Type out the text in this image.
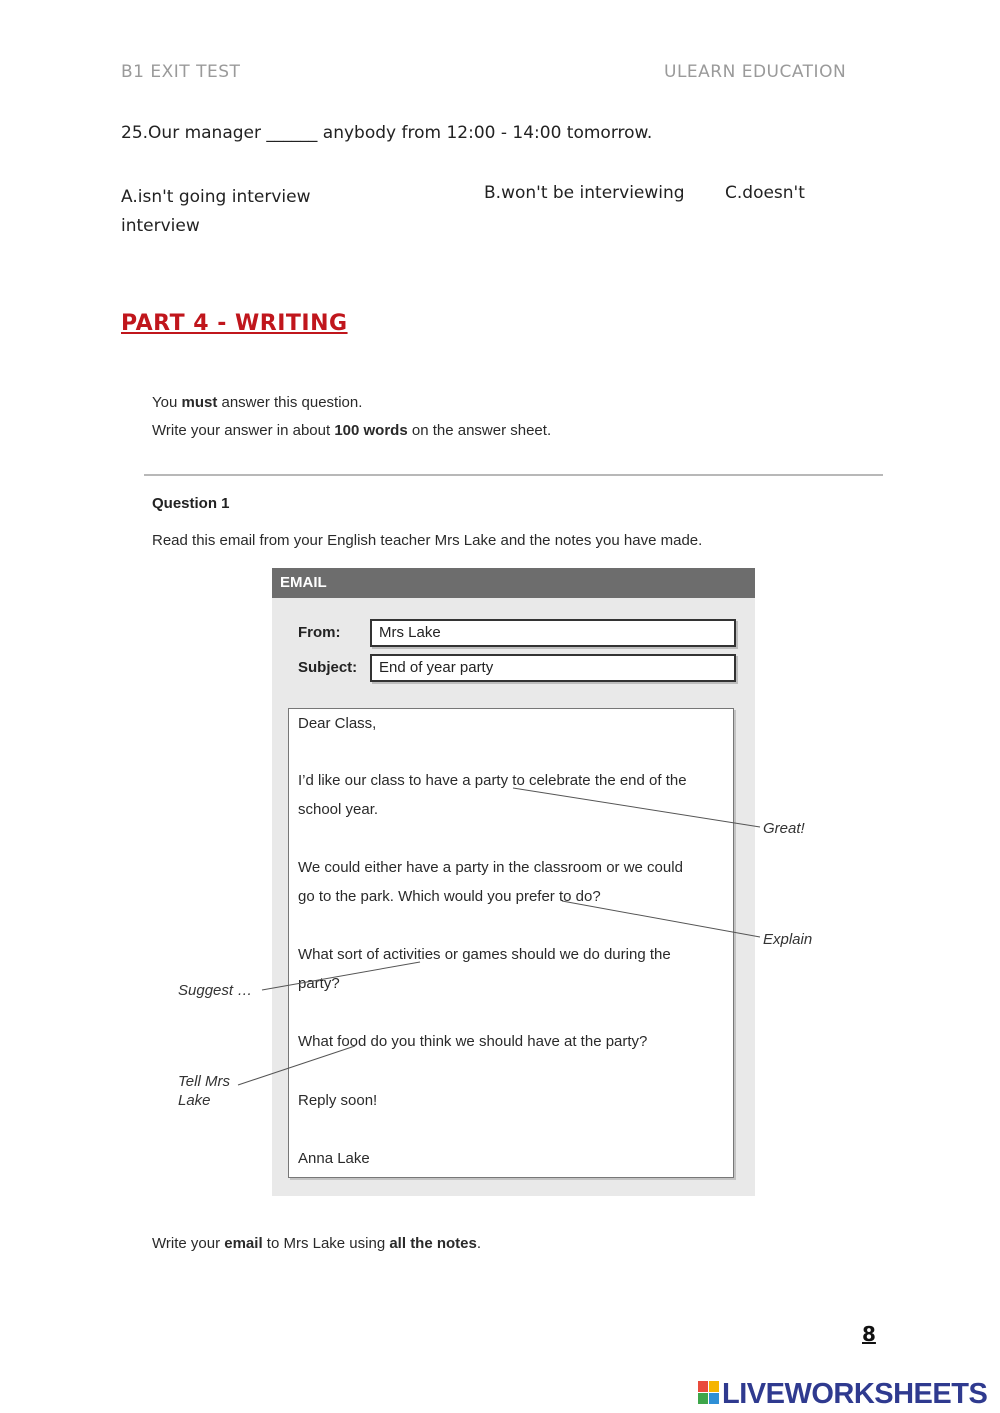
B1 EXIT TEST	ULEARN EDUCATION
25.Our manager ______ anybody from 12:00 - 14:00 tomorrow.
A.isn't going interview
interview
B.won't be interviewing C.doesn't
PART 4 - WRITING
You must answer this question.
Write your answer in about 100 words on the answer sheet.
Question 1
Read this email from your English teacher Mrs Lake and the notes you have made.
EMAIL
From:	Mrs Lake
Subject: End of year party
Dear Class,
I’d like our class to have a party to celebrate the end of the
school year.
We could either have a party in the classroom or we could
go to the park. Which would you prefer to do?
What sort of activities or games should we do during the
party?
What food do you think we should have at the party?
Reply soon!
Anna Lake
Great!
Explain
Suggest …
Tell Mrs
Lake
Write your email to Mrs Lake using all the notes.
8
LIVEWORKSHEETS
